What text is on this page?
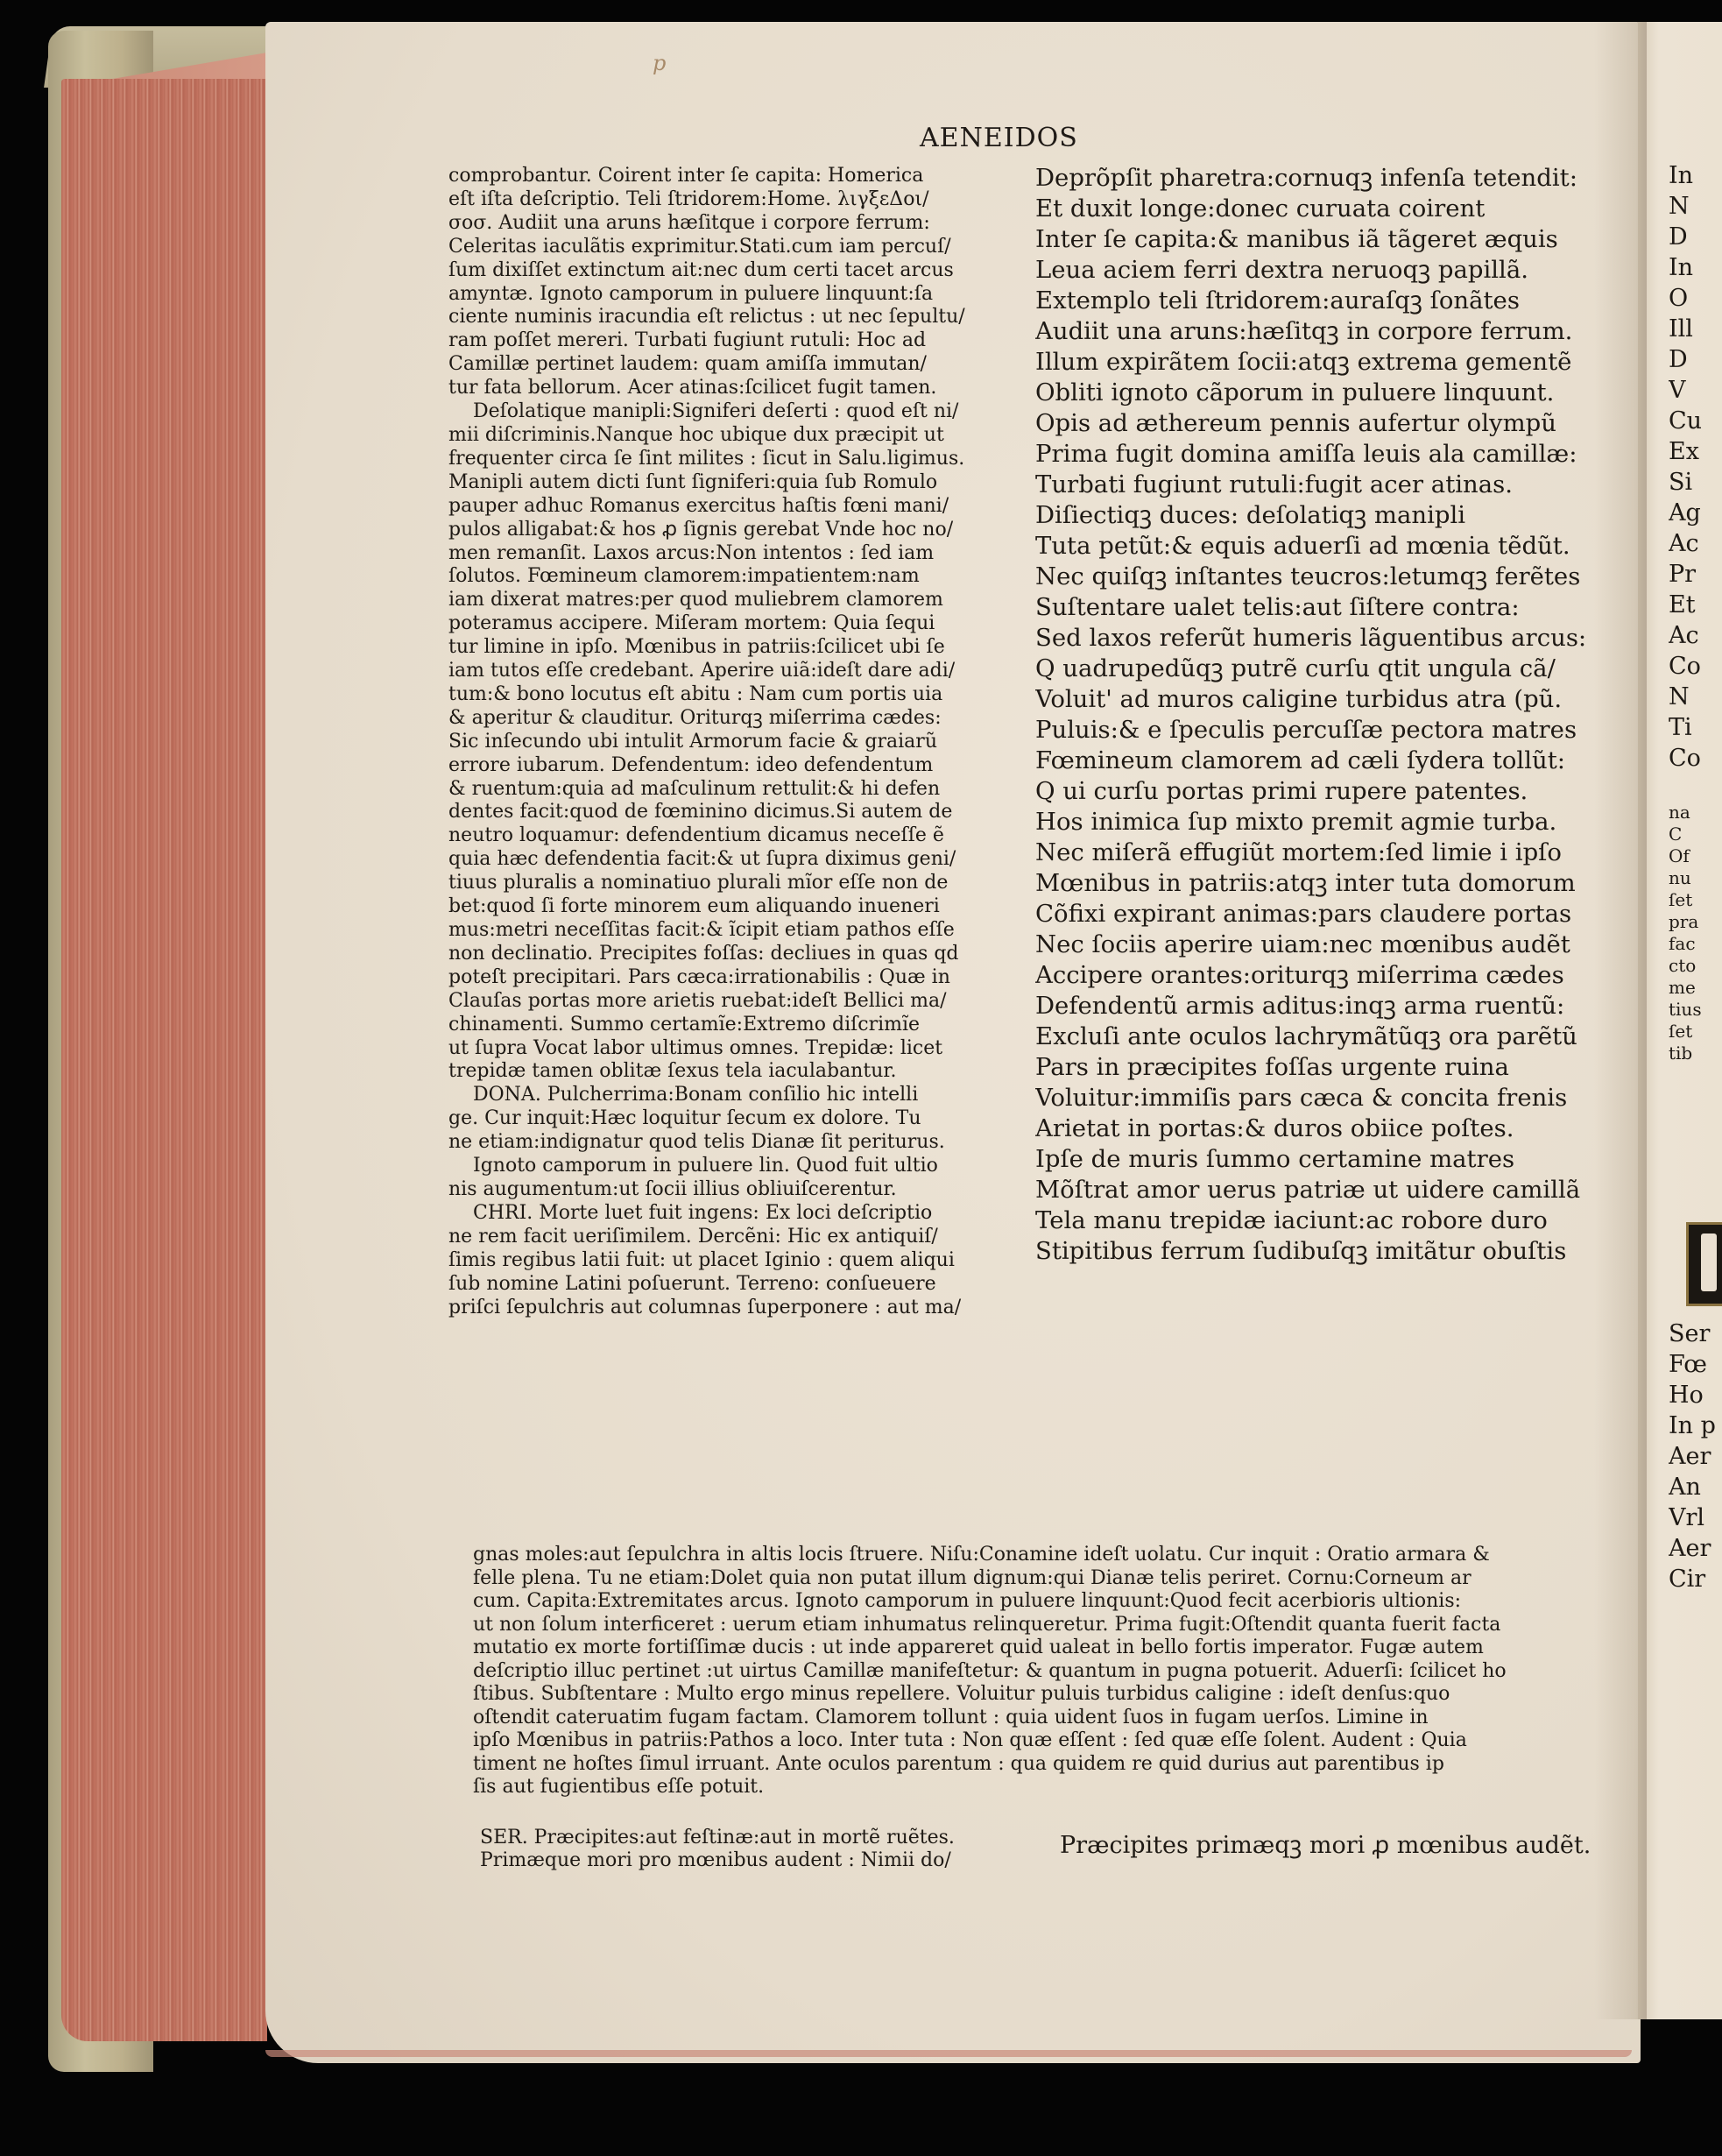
p
AENEIDOS
comprobantur. Coirent inter ſe capita: Homerica
eſt iſta deſcriptio. Teli ſtridorem:Home. λιγξεΔοι/
σοσ. Audiit una aruns hæſitque i corpore ferrum:
Celeritas iaculãtis exprimitur.Stati.cum iam percuſ/
ſum dixiſſet extinctum ait:nec dum certi tacet arcus
amyntæ. Ignoto camporum in puluere linquunt:ſa
ciente numinis iracundia eſt relictus : ut nec ſepultu/
ram poſſet mereri. Turbati fugiunt rutuli: Hoc ad
Camillæ pertinet laudem: quam amiſſa immutan/
tur fata bellorum. Acer atinas:ſcilicet fugit tamen.
Deſolatique manipli:Signiferi deſerti : quod eſt ni/
mii diſcriminis.Nanque hoc ubique dux præcipit ut
frequenter circa ſe ſint milites : ſicut in Salu.ligimus.
Manipli autem dicti ſunt ſigniferi:quia ſub Romulo
pauper adhuc Romanus exercitus haſtis fœni mani/
pulos alligabat:& hos ꝓ ſignis gerebat Vnde hoc no/
men remanſit. Laxos arcus:Non intentos : ſed iam
ſolutos. Fœmineum clamorem:impatientem:nam
iam dixerat matres:per quod muliebrem clamorem
poteramus accipere. Miſeram mortem: Quia ſequi
tur limine in ipſo. Mœnibus in patriis:ſcilicet ubi ſe
iam tutos eſſe credebant. Aperire uiã:ideſt dare adi/
tum:& bono locutus eſt abitu : Nam cum portis uia
& aperitur & clauditur. Oriturqꝫ miſerrima cædes:
Sic inſecundo ubi intulit Armorum facie & graiarũ
errore iubarum. Defendentum: ideo defendentum
& ruentum:quia ad maſculinum rettulit:& hi defen
dentes facit:quod de fœminino dicimus.Si autem de
neutro loquamur: defendentium dicamus neceſſe ẽ
quia hæc defendentia facit:& ut ſupra diximus geni/
tiuus pluralis a nominatiuo plurali mĩor eſſe non de
bet:quod ſi forte minorem eum aliquando inueneri
mus:metri neceſſitas facit:& ĩcipit etiam pathos eſſe
non declinatio. Precipites foſſas: decliues in quas qd
poteſt precipitari. Pars cæca:irrationabilis : Quæ in
Clauſas portas more arietis ruebat:ideſt Bellici ma/
chinamenti. Summo certamĩe:Extremo diſcrimĩe
ut ſupra Vocat labor ultimus omnes. Trepidæ: licet
trepidæ tamen oblitæ ſexus tela iaculabantur.
DONA. Pulcherrima:Bonam conſilio hic intelli
ge. Cur inquit:Hæc loquitur ſecum ex dolore. Tu
ne etiam:indignatur quod telis Dianæ ſit periturus.
Ignoto camporum in puluere lin. Quod fuit ultio
nis augumentum:ut ſocii illius obliuiſcerentur.
CHRI. Morte luet fuit ingens: Ex loci deſcriptio
ne rem facit ueriſimilem. Dercẽni: Hic ex antiquiſ/
ſimis regibus latii fuit: ut placet Iginio : quem aliqui
ſub nomine Latini poſuerunt. Terreno: conſueuere
priſci ſepulchris aut columnas ſuperponere : aut ma/
Deprõpſit pharetra:cornuqꝫ infenſa tetendit:
Et duxit longe:donec curuata coirent
Inter ſe capita:& manibus iã tãgeret æquis
Leua aciem ferri dextra neruoqꝫ papillã.
Extemplo teli ſtridorem:auraſqꝫ ſonãtes
Audiit una aruns:hæſitqꝫ in corpore ferrum.
Illum expirãtem ſocii:atqꝫ extrema gementẽ
Obliti ignoto cãporum in puluere linquunt.
Opis ad æthereum pennis aufertur olympũ
Prima fugit domina amiſſa leuis ala camillæ:
Turbati fugiunt rutuli:fugit acer atinas.
Diſiectiqꝫ duces: deſolatiqꝫ manipli
Tuta petũt:& equis aduerſi ad mœnia tẽdũt.
Nec quiſqꝫ inſtantes teucros:letumqꝫ ferẽtes
Suſtentare ualet telis:aut ſiſtere contra:
Sed laxos referũt humeris lãguentibus arcus:
Q uadrupedũqꝫ putrẽ curſu qtit ungula cã/
Voluit' ad muros caligine turbidus atra (pũ.
Puluis:& e ſpeculis percuſſæ pectora matres
Fœmineum clamorem ad cæli ſydera tollũt:
Q ui curſu portas primi rupere patentes.
Hos inimica ſup mixto premit agmie turba.
Nec miſerã effugiũt mortem:ſed limie i ipſo
Mœnibus in patriis:atqꝫ inter tuta domorum
Cõfixi expirant animas:pars claudere portas
Nec ſociis aperire uiam:nec mœnibus audẽt
Accipere orantes:oriturqꝫ miſerrima cædes
Defendentũ armis aditus:inqꝫ arma ruentũ:
Excluſi ante oculos lachrymãtũqꝫ ora parẽtũ
Pars in præcipites foſſas urgente ruina
Voluitur:immiſis pars cæca & concita frenis
Arietat in portas:& duros obiice poſtes.
Ipſe de muris ſummo certamine matres
Mõſtrat amor uerus patriæ ut uidere camillã
Tela manu trepidæ iaciunt:ac robore duro
Stipitibus ferrum ſudibuſqꝫ imitãtur obuſtis
gnas moles:aut ſepulchra in altis locis ſtruere. Niſu:Conamine ideſt uolatu. Cur inquit : Oratio armara &
felle plena. Tu ne etiam:Dolet quia non putat illum dignum:qui Dianæ telis periret. Cornu:Corneum ar
cum. Capita:Extremitates arcus. Ignoto camporum in puluere linquunt:Quod fecit acerbioris ultionis:
ut non ſolum interficeret : uerum etiam inhumatus relinqueretur. Prima fugit:Oſtendit quanta fuerit facta
mutatio ex morte fortiſſimæ ducis : ut inde appareret quid ualeat in bello fortis imperator. Fugæ autem
deſcriptio illuc pertinet :ut uirtus Camillæ manifeſtetur: & quantum in pugna potuerit. Aduerſi: ſcilicet ho
ſtibus. Subſtentare : Multo ergo minus repellere. Voluitur puluis turbidus caligine : ideſt denſus:quo
oſtendit cateruatim fugam factam. Clamorem tollunt : quia uident ſuos in fugam uerſos. Limine in
ipſo Mœnibus in patriis:Pathos a loco. Inter tuta : Non quæ eſſent : ſed quæ eſſe ſolent. Audent : Quia
timent ne hoſtes ſimul irruant. Ante oculos parentum : qua quidem re quid durius aut parentibus ip
ſis aut fugientibus eſſe potuit.
SER. Præcipites:aut feſtinæ:aut in mortẽ ruẽtes.
Primæque mori pro mœnibus audent : Nimii do/
Præcipites primæqꝫ mori ꝓ mœnibus audẽt.
In
N
D
In
O
Ill
D
V
Cu
Ex
Si
Ag
Ac
Pr
Et
Ac
Co
N
Ti
Co
na
C
Of
nu
ſet
pra
fac
cto
me
tius
ſet
tib
Ser
Fœ
Ho
In p
Aer
An
Vrl
Aer
Cir
